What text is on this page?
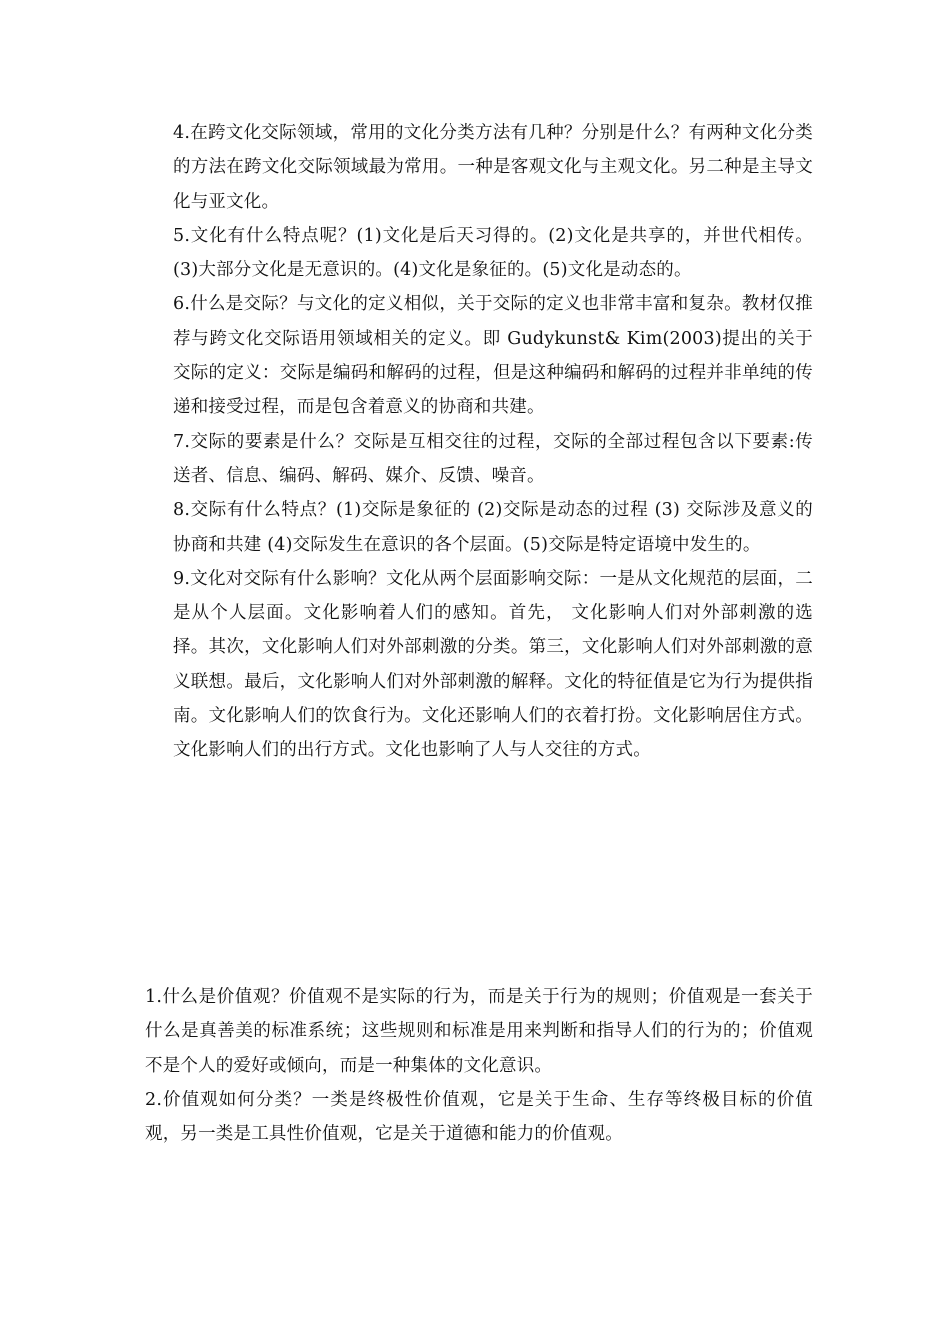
4.在跨文化交际领域，常用的文化分类方法有几种？分别是什么？有两种文化分类的方法在跨文化交际领域最为常用。一种是客观文化与主观文化。另二种是主导文化与亚文化。

5.文化有什么特点呢？(1)文化是后天习得的。(2)文化是共享的，并世代相传。(3)大部分文化是无意识的。(4)文化是象征的。(5)文化是动态的。

6.什么是交际？与文化的定义相似，关于交际的定义也非常丰富和复杂。教材仅推荐与跨文化交际语用领域相关的定义。即 Gudykunst& Kim(2003)提出的关于交际的定义：交际是编码和解码的过程，但是这种编码和解码的过程并非单纯的传递和接受过程，而是包含着意义的协商和共建。

7.交际的要素是什么？交际是互相交往的过程，交际的全部过程包含以下要素:传送者、信息、编码、解码、媒介、反馈、噪音。

8.交际有什么特点？(1)交际是象征的 (2)交际是动态的过程 (3) 交际涉及意义的协商和共建 (4)交际发生在意识的各个层面。(5)交际是特定语境中发生的。

9.文化对交际有什么影响？文化从两个层面影响交际：一是从文化规范的层面，二是从个人层面。文化影响着人们的感知。首先， 文化影响人们对外部刺激的选择。其次，文化影响人们对外部刺激的分类。第三，文化影响人们对外部刺激的意义联想。最后，文化影响人们对外部刺激的解释。文化的特征值是它为行为提供指南。文化影响人们的饮食行为。文化还影响人们的衣着打扮。文化影响居住方式。文化影响人们的出行方式。文化也影响了人与人交往的方式。

1.什么是价值观？价值观不是实际的行为，而是关于行为的规则；价值观是一套关于什么是真善美的标准系统；这些规则和标准是用来判断和指导人们的行为的；价值观不是个人的爱好或倾向，而是一种集体的文化意识。

2.价值观如何分类？一类是终极性价值观，它是关于生命、生存等终极目标的价值观，另一类是工具性价值观，它是关于道德和能力的价值观。
